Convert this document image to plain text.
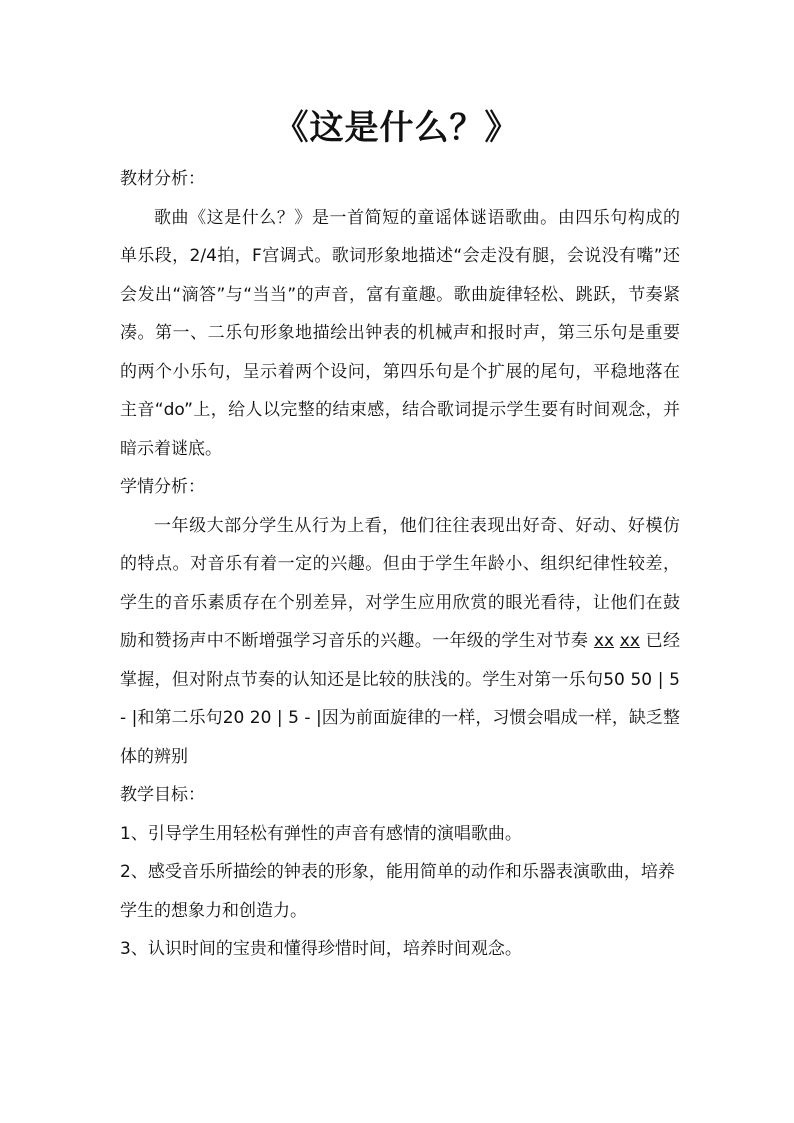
《这是什么？》

教材分析：

歌曲《这是什么？》是一首简短的童谣体谜语歌曲。由四乐句构成的单乐段，2/4拍，F宫调式。歌词形象地描述“会走没有腿，会说没有嘴”还会发出“滴答”与“当当”的声音，富有童趣。歌曲旋律轻松、跳跃，节奏紧凑。第一、二乐句形象地描绘出钟表的机械声和报时声，第三乐句是重要的两个小乐句，呈示着两个设问，第四乐句是个扩展的尾句，平稳地落在主音“do”上，给人以完整的结束感，结合歌词提示学生要有时间观念，并暗示着谜底。

学情分析：

一年级大部分学生从行为上看，他们往往表现出好奇、好动、好模仿的特点。对音乐有着一定的兴趣。但由于学生年龄小、组织纪律性较差，学生的音乐素质存在个别差异，对学生应用欣赏的眼光看待，让他们在鼓励和赞扬声中不断增强学习音乐的兴趣。一年级的学生对节奏 xx xx 已经掌握，但对附点节奏的认知还是比较的肤浅的。学生对第一乐句50 50 | 5 - |和第二乐句20 20 | 5 - |因为前面旋律的一样，习惯会唱成一样，缺乏整体的辨别

教学目标：

1、引导学生用轻松有弹性的声音有感情的演唱歌曲。

2、感受音乐所描绘的钟表的形象，能用简单的动作和乐器表演歌曲，培养学生的想象力和创造力。

3、认识时间的宝贵和懂得珍惜时间，培养时间观念。
